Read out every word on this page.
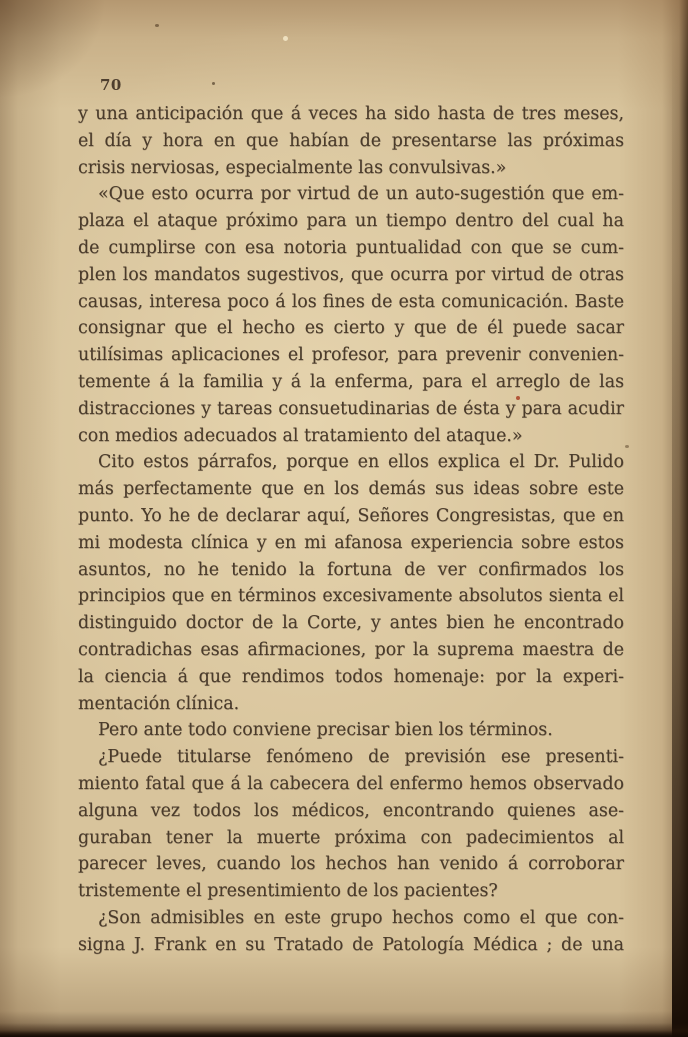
70
y una anticipación que á veces ha sido hasta de tres meses,
el día y hora en que habían de presentarse las próximas
crisis nerviosas, especialmente las convulsivas.»
«Que esto ocurra por virtud de un auto-sugestión que em-
plaza el ataque próximo para un tiempo dentro del cual ha
de cumplirse con esa notoria puntualidad con que se cum-
plen los mandatos sugestivos, que ocurra por virtud de otras
causas, interesa poco á los fines de esta comunicación. Baste
consignar que el hecho es cierto y que de él puede sacar
utilísimas aplicaciones el profesor, para prevenir convenien-
temente á la familia y á la enferma, para el arreglo de las
distracciones y tareas consuetudinarias de ésta y para acudir
con medios adecuados al tratamiento del ataque.»
Cito estos párrafos, porque en ellos explica el Dr. Pulido
más perfectamente que en los demás sus ideas sobre este
punto. Yo he de declarar aquí, Señores Congresistas, que en
mi modesta clínica y en mi afanosa experiencia sobre estos
asuntos, no he tenido la fortuna de ver confirmados los
principios que en términos excesivamente absolutos sienta el
distinguido doctor de la Corte, y antes bien he encontrado
contradichas esas afirmaciones, por la suprema maestra de
la ciencia á que rendimos todos homenaje: por la experi-
mentación clínica.
Pero ante todo conviene precisar bien los términos.
¿Puede titularse fenómeno de previsión ese presenti-
miento fatal que á la cabecera del enfermo hemos observado
alguna vez todos los médicos, encontrando quienes ase-
guraban tener la muerte próxima con padecimientos al
parecer leves, cuando los hechos han venido á corroborar
tristemente el presentimiento de los pacientes?
¿Son admisibles en este grupo hechos como el que con-
signa J. Frank en su Tratado de Patología Médica ; de una
